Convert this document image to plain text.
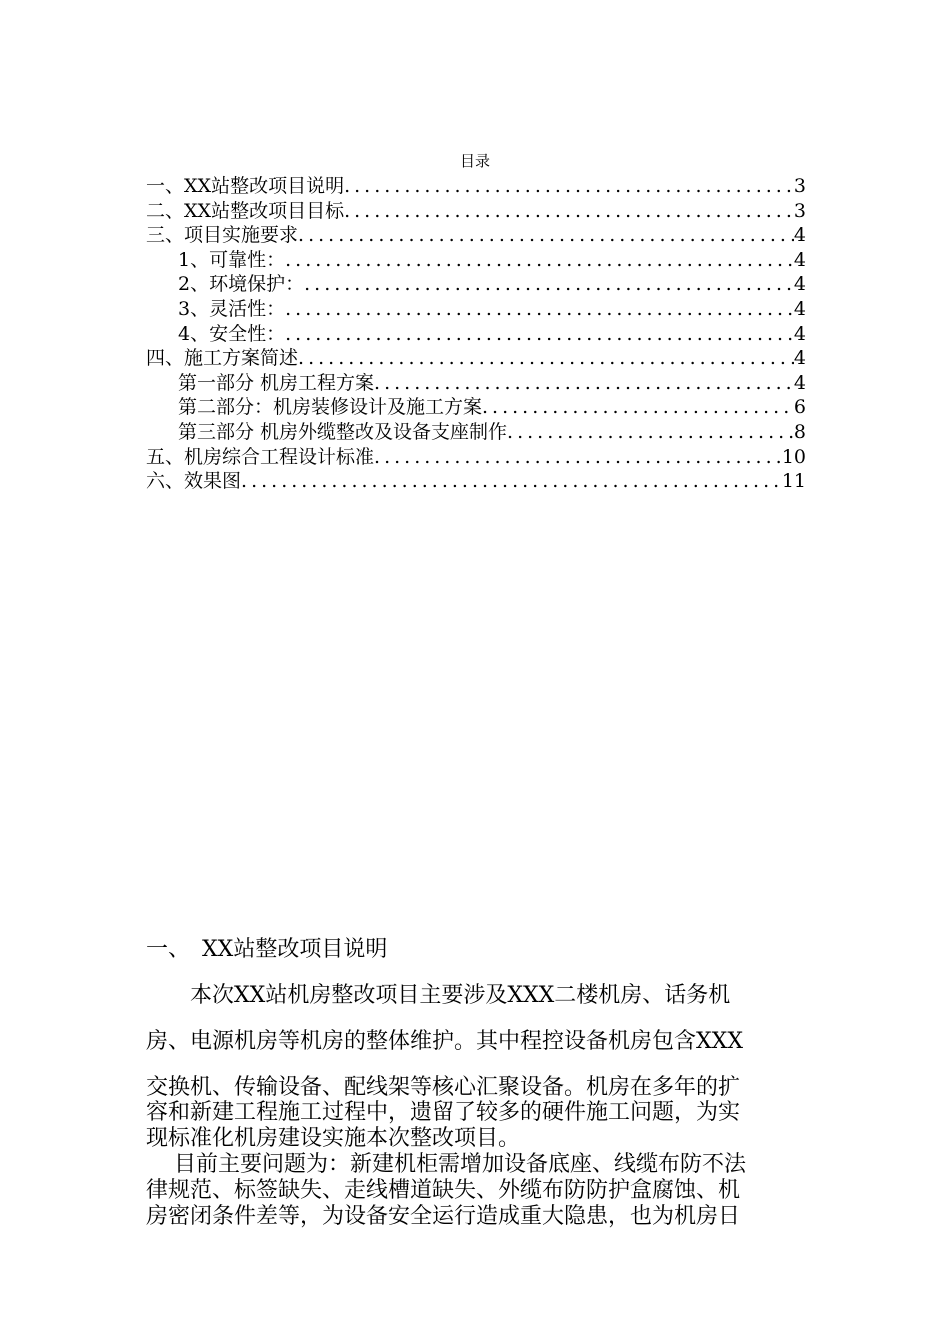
目录
一、 XX站整改项目说明 .....	3
二、 XX站整改项目目标 .....	3
三、 项目实施要求 .....	4
1、 可靠性： .....	4
2、 环境保护： .....	4
3、 灵活性： .....	4
4、 安全性： .....	4
四、 施工方案简述 .....	4
第一部分 机房工程方案 .....	4
第二部分：机房装修设计及施工方案 .....	6
第三部分 机房外缆整改及设备支座制作 .....	8
五、 机房综合工程设计标准 .....	10
六、 效果图 .....	11
一、 XX站整改项目说明
本次XX站机房整改项目主要涉及XXX二楼机房、话务机
房、电源机房等机房的整体维护。其中程控设备机房包含XXX
交换机、传输设备、配线架等核心汇聚设备。机房在多年的扩
容和新建工程施工过程中，遗留了较多的硬件施工问题，为实
现标准化机房建设实施本次整改项目。
目前主要问题为：新建机柜需增加设备底座、线缆布防不法
律规范、标签缺失、走线槽道缺失、外缆布防防护盒腐蚀、机
房密闭条件差等，为设备安全运行造成重大隐患，也为机房日
